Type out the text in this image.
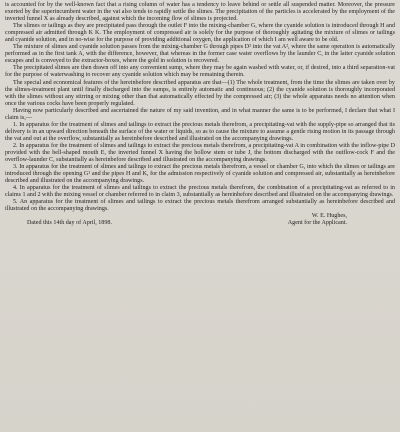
is accounted for by the well-known fact that a rising column of water has a tendency to leave behind or settle all suspended matter. Moreover, the pressure exerted by the superincumbent water in the vat also tends to rapidly settle the slimes. The precipitation of the particles is accelerated by the employment of the inverted funnel X as already described, against which the incoming flow of slimes is projected.

The slimes or tailings as they are precipitated pass through the outlet F into the mixing-chamber G, where the cyanide solution is introduced through H and compressed air admitted through K K. The employment of compressed air is solely for the purpose of thoroughly agitating the mixture of slimes or tailings and cyanide solution, and in no-wise for the purpose of providing additional oxygen, the application of which I am well aware to be old.

The mixture of slimes and cyanide solution passes from the mixing-chamber G through pipes D² into the vat A², where the same operation is automatically performed as in the first tank A, with the difference, however, that whereas in the former case water overflows by the launder C, in the latter cyanide solution escapes and is conveyed to the extractor-boxes, where the gold in solution is recovered.

The precipitated slimes are then drawn off into any convenient sump, where they may be again washed with water, or, if desired, into a third separation-vat for the purpose of waterwashing to recover any cyanide solution which may be remaining therein.

The special and economical features of the hereinbefore described apparatus are that—(1) The whole treatment, from the time the slimes are taken over by the slimes-treatment plant until finally discharged into the sumps, is entirely automatic and continuous; (2) the cyanide solution is thoroughly incorporated with the slimes without any stirring or mixing other than that automatically effected by the compressed air; (3) the whole apparatus needs no attention when once the various cocks have been properly regulated.

Having now particularly described and ascertained the nature of my said invention, and in what manner the same is to be performed, I declare that what I claim is,—

1. In apparatus for the treatment of slimes and tailings to extract the precious metals therefrom, a precipitating-vat with the supply-pipe so arranged that its delivery is in an upward direction beneath the surface of the water or liquids, so as to cause the mixture to assume a gentle rising motion in its passage through the vat and out at the overflow, substantially as hereinbefore described and illustrated on the accompanying drawings.

2. In apparatus for the treatment of slimes and tailings to extract the precious metals therefrom, a precipitating-vat A in combination with the inflow-pipe D provided with the bell-shaped mouth E, the inverted funnel X having the hollow stem or tube J, the bottom discharged with the outflow-cock F and the overflow-launder C, substantially as hereinbefore described and illustrated on the accompanying drawings.

3. In apparatus for the treatment of slimes and tailings to extract the precious metals therefrom, a vessel or chamber G, into which the slimes or tailings are introduced through the opening G¹ and the pipes H and K, for the admission respectively of cyanide solution and compressed air, substantially as hereinbefore described and illustrated on the accompanying drawings.

4. In apparatus for the treatment of slimes and tailings to extract the precious metals therefrom, the combination of a precipitating-vat as referred to in claims 1 and 2 with the mixing vessel or chamber referred to in claim 3, substantially as hereinbefore described and illustrated on the accompanying drawings.

5. An apparatus for the treatment of slimes and tailings to extract the precious metals therefrom arranged substantially as hereinbefore described and illustrated on the accompanying drawings.

W. E. Hughes,
Dated this 14th day of April, 1898.	Agent for the Applicant.
